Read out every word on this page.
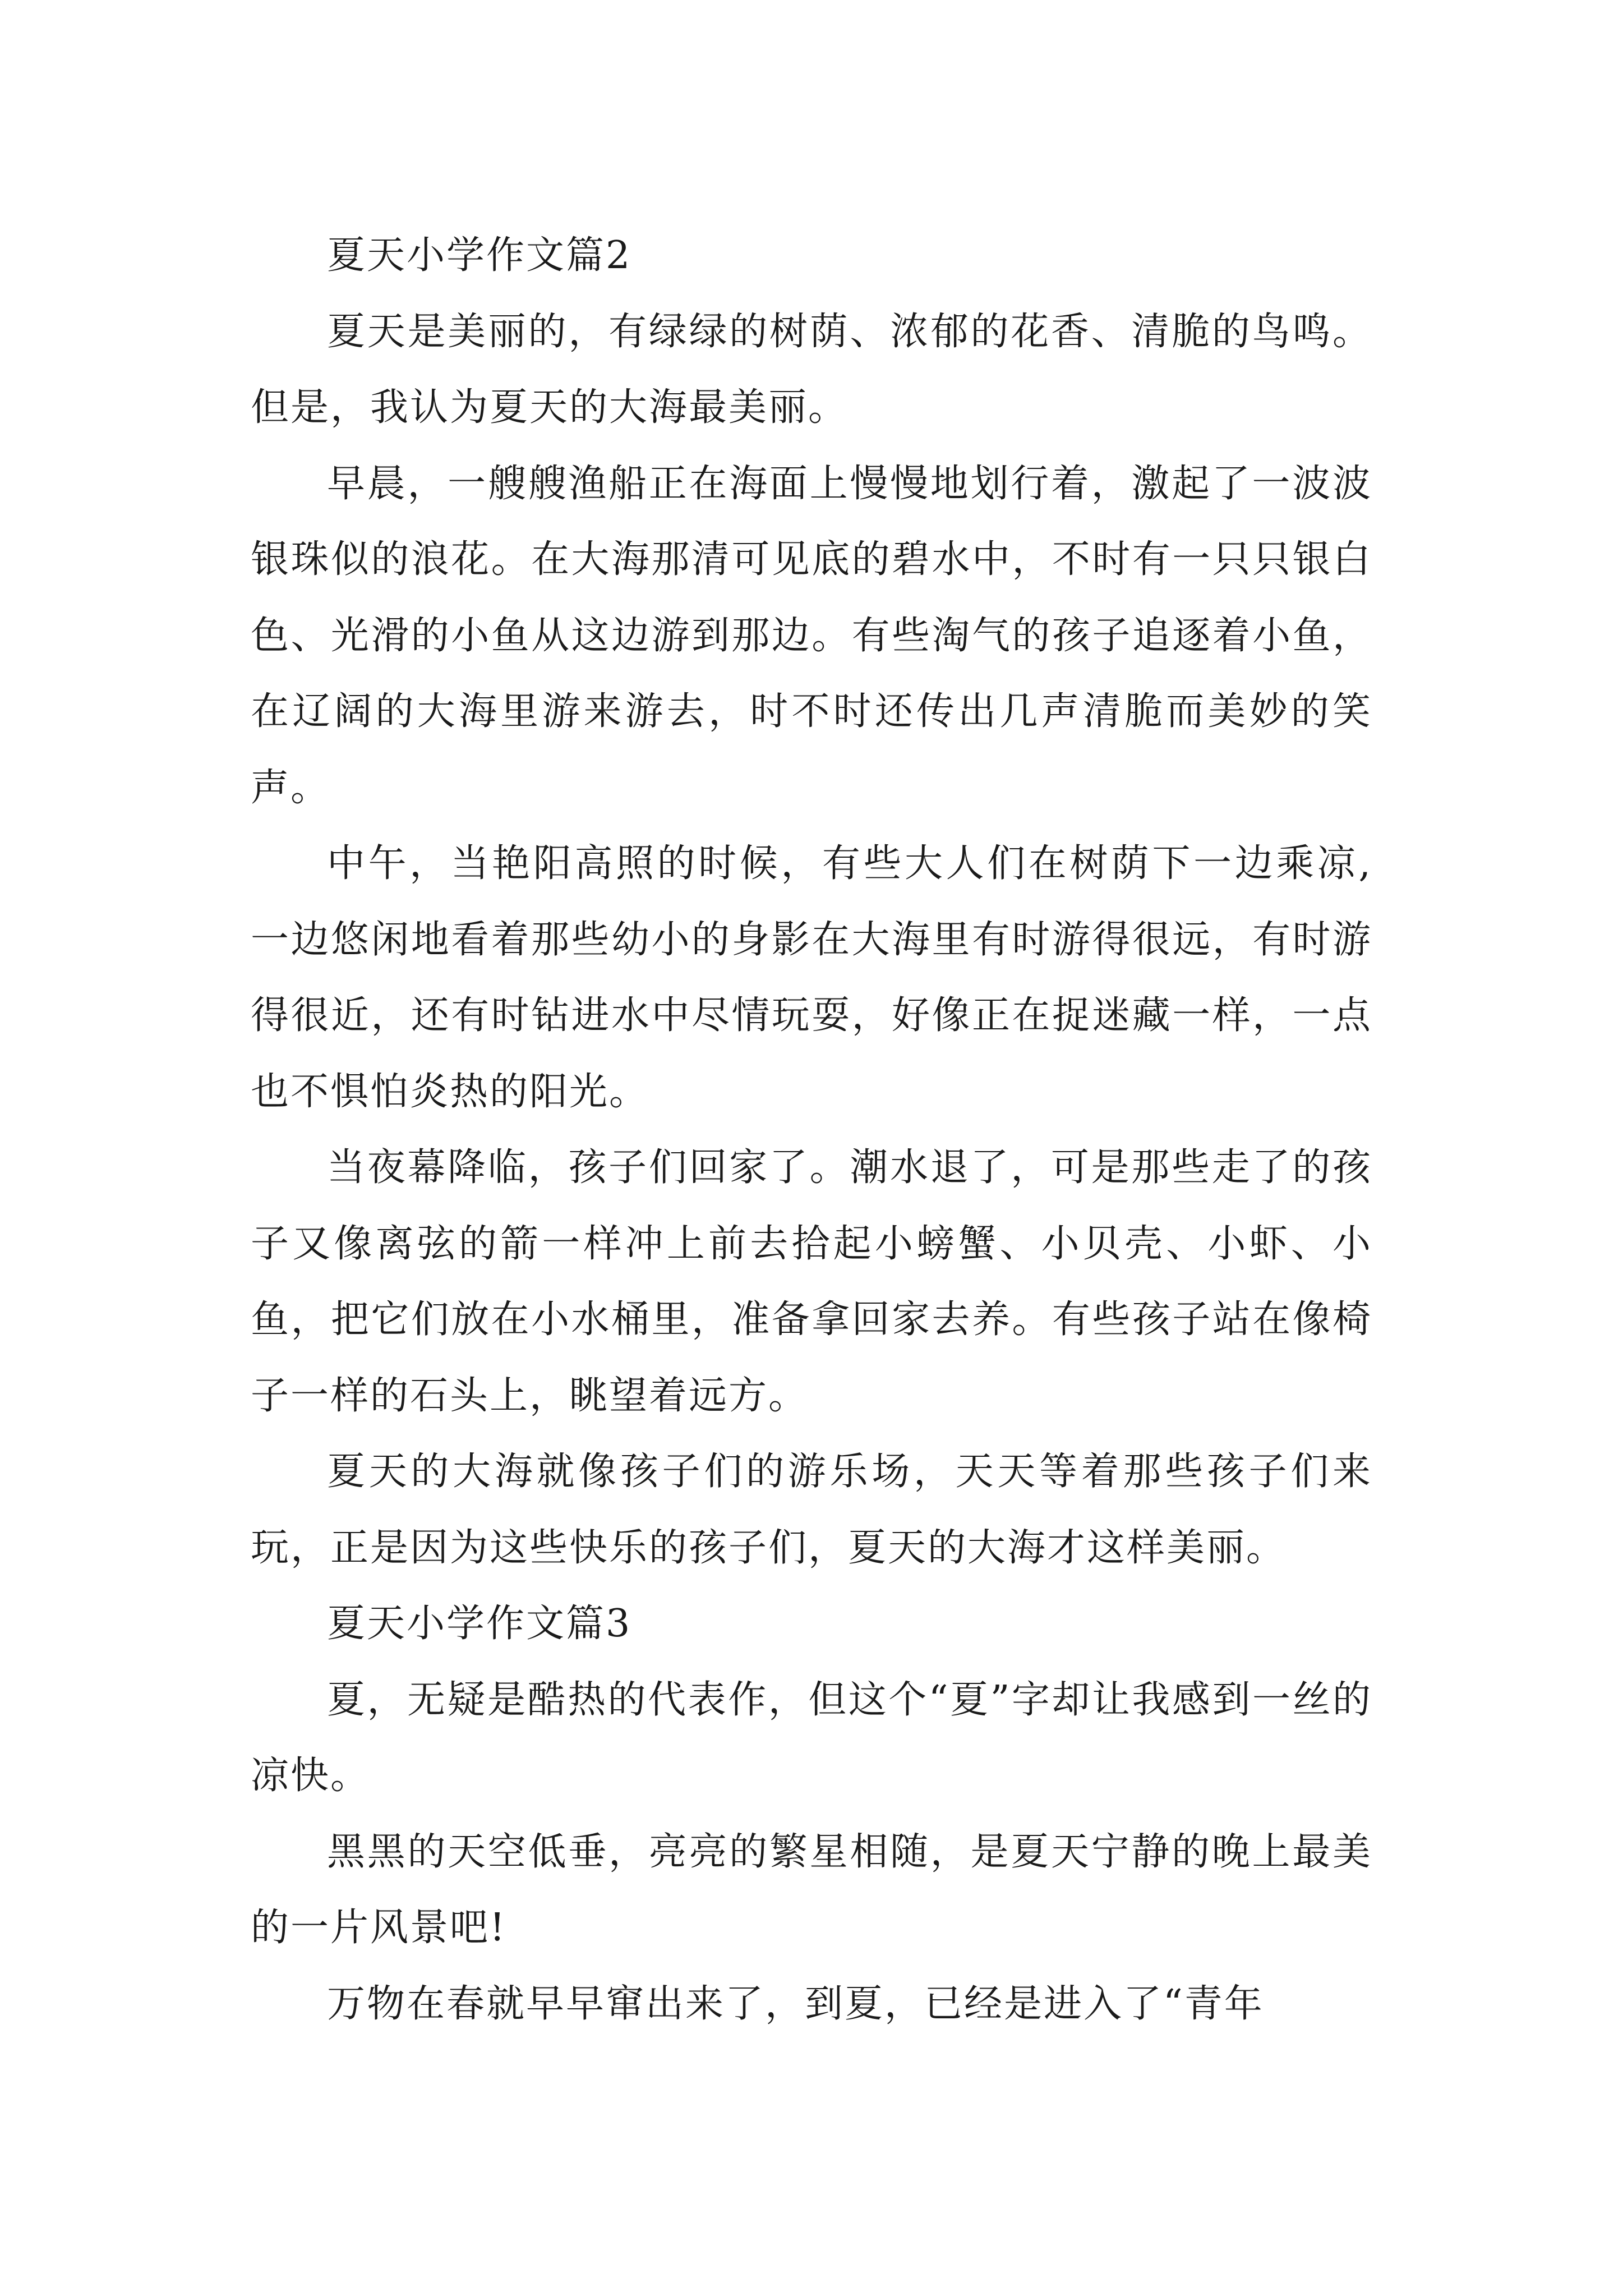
夏天小学作文篇2

夏天是美丽的，有绿绿的树荫、浓郁的花香、清脆的鸟鸣。但是，我认为夏天的大海最美丽。

早晨，一艘艘渔船正在海面上慢慢地划行着，激起了一波波银珠似的浪花。在大海那清可见底的碧水中，不时有一只只银白色、光滑的小鱼从这边游到那边。有些淘气的孩子追逐着小鱼，在辽阔的大海里游来游去，时不时还传出几声清脆而美妙的笑声。

中午，当艳阳高照的时候，有些大人们在树荫下一边乘凉,一边悠闲地看着那些幼小的身影在大海里有时游得很远，有时游得很近，还有时钻进水中尽情玩耍，好像正在捉迷藏一样，一点也不惧怕炎热的阳光。

当夜幕降临，孩子们回家了。潮水退了，可是那些走了的孩子又像离弦的箭一样冲上前去拾起小螃蟹、小贝壳、小虾、小鱼，把它们放在小水桶里，准备拿回家去养。有些孩子站在像椅子一样的石头上，眺望着远方。

夏天的大海就像孩子们的游乐场，天天等着那些孩子们来玩，正是因为这些快乐的孩子们，夏天的大海才这样美丽。

夏天小学作文篇3

夏，无疑是酷热的代表作，但这个“夏”字却让我感到一丝的凉快。

黑黑的天空低垂，亮亮的繁星相随，是夏天宁静的晚上最美的一片风景吧!

万物在春就早早窜出来了，到夏，已经是进入了“青年
